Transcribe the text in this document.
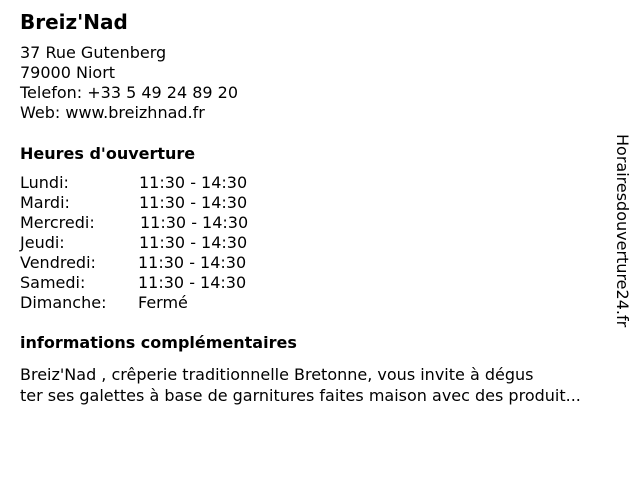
Breiz'Nad
37 Rue Gutenberg
79000 Niort
Telefon: +33 5 49 24 89 20
Web: www.breizhnad.fr
Heures d'ouverture
Lundi:	11:30 - 14:30
Mardi:	11:30 - 14:30
Mercredi:	11:30 - 14:30
Jeudi:	11:30 - 14:30
Vendredi:	11:30 - 14:30
Samedi:	11:30 - 14:30
Dimanche: Fermé
informations complémentaires
Breiz'Nad , crêperie traditionnelle Bretonne, vous invite à dégus
ter ses galettes à base de garnitures faites maison avec des produit...
Horairesdouverture24.fr
